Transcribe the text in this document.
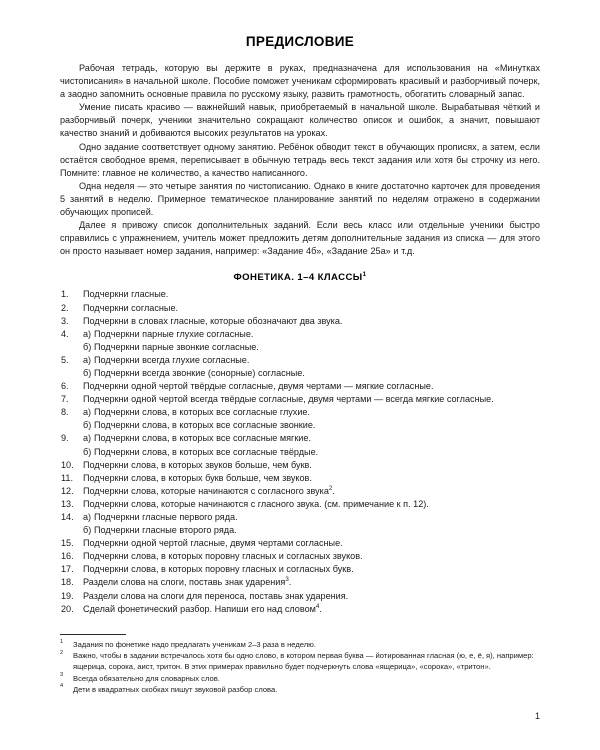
ПРЕДИСЛОВИЕ

Рабочая тетрадь, которую вы держите в руках, предназначена для использования на «Минутках чистописания» в начальной школе. Пособие поможет ученикам сформировать красивый и разборчивый почерк, а заодно запомнить основные правила по русскому языку, развить грамотность, обогатить словарный запас.

Умение писать красиво — важнейший навык, приобретаемый в начальной школе. Вырабатывая чёткий и разборчивый почерк, ученики значительно сокращают количество описок и ошибок, а значит, повышают качество знаний и добиваются высоких результатов на уроках.

Одно задание соответствует одному занятию. Ребёнок обводит текст в обучающих прописях, а затем, если остаётся свободное время, переписывает в обычную тетрадь весь текст задания или хотя бы строчку из него. Помните: главное не количество, а качество написанного.

Одна неделя — это четыре занятия по чистописанию. Однако в книге достаточно карточек для проведения 5 занятий в неделю. Примерное тематическое планирование занятий по неделям отражено в содержании обучающих прописей.

Далее я привожу список дополнительных заданий. Если весь класс или отдельные ученики быстро справились с упражнением, учитель может предложить детям дополнительные задания из списка — для этого он просто называет номер задания, например: «Задание 4б», «Задание 25а» и т.д.

ФОНЕТИКА. 1–4 КЛАССЫ$^1$
1.	Подчеркни гласные.
2.	Подчеркни согласные.
3.	Подчеркни в словах гласные, которые обозначают два звука.
4.	а) Подчеркни парные глухие согласные.
б) Подчеркни парные звонкие согласные.
5.	а) Подчеркни всегда глухие согласные.
б) Подчеркни всегда звонкие (сонорные) согласные.
6.	Подчеркни одной чертой твёрдые согласные, двумя чертами — мягкие согласные.
7.	Подчеркни одной чертой всегда твёрдые согласные, двумя чертами — всегда мягкие согласные.
8.	а) Подчеркни слова, в которых все согласные глухие.
б) Подчеркни слова, в которых все согласные звонкие.
9.	а) Подчеркни слова, в которых все согласные мягкие.
б) Подчеркни слова, в которых все согласные твёрдые.
10.	Подчеркни слова, в которых звуков больше, чем букв.
11.	Подчеркни слова, в которых букв больше, чем звуков.
12.	Подчеркни слова, которые начинаются с согласного звука$^2$.
13.	Подчеркни слова, которые начинаются с гласного звука. (см. примечание к п. 12).
14.	а) Подчеркни гласные первого ряда.
б) Подчеркни гласные второго ряда.
15.	Подчеркни одной чертой гласные, двумя чертами согласные.
16.	Подчеркни слова, в которых поровну гласных и согласных звуков.
17.	Подчеркни слова, в которых поровну гласных и согласных букв.
18.	Раздели слова на слоги, поставь знак ударения$^3$.
19.	Раздели слова на слоги для переноса, поставь знак ударения.
20.	Сделай фонетический разбор. Напиши его над словом$^4$.
1	Задания по фонетике надо предлагать ученикам 2–3 раза в неделю.
2	Важно, чтобы в задании встречалось хотя бы одно слово, в котором первая буква — йотированная гласная (ю, е, ё, я), например: ящерица, сорока, аист, тритон. В этих примерах правильно будет подчеркнуть слова «ящерица», «сорока», «тритон».
3	Всегда обязательно для словарных слов.
4	Дети в квадратных скобках пишут звуковой разбор слова.
1
